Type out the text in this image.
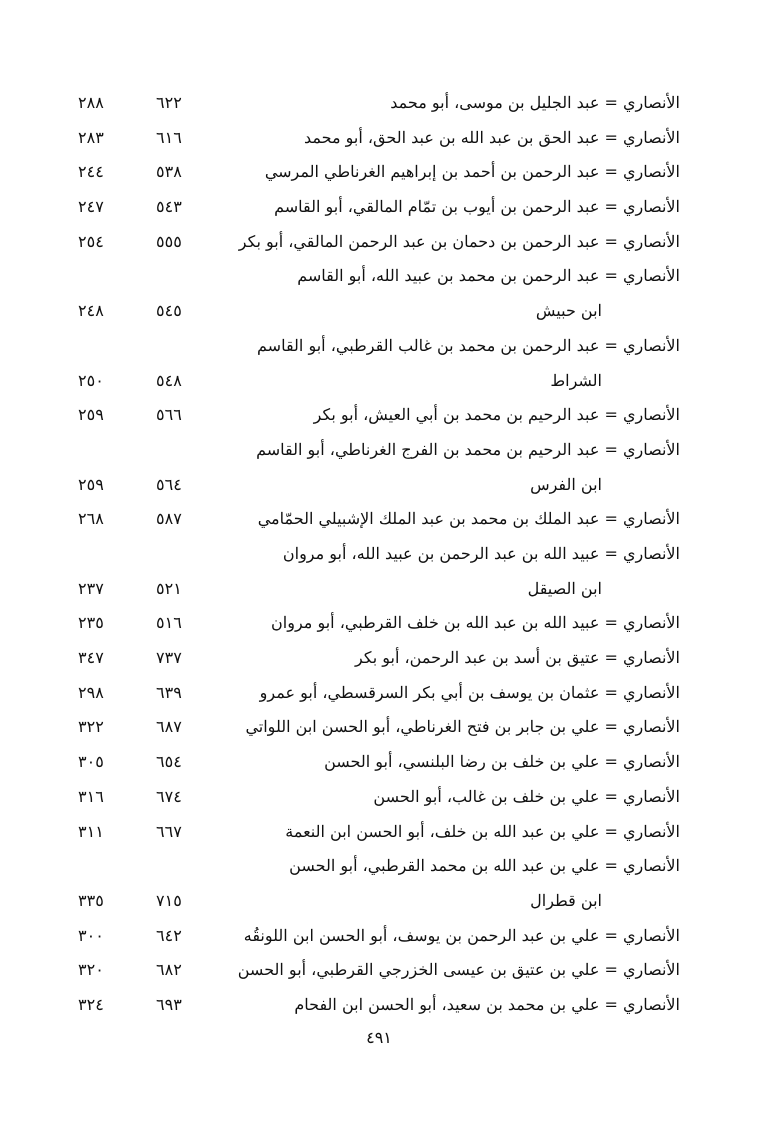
الأنصاري = عبد الجليل بن موسى، أبو محمد
٦٢٢
٢٨٨
الأنصاري = عبد الحق بن عبد الله بن عبد الحق، أبو محمد
٦١٦
٢٨٣
الأنصاري = عبد الرحمن بن أحمد بن إبراهيم الغرناطي المرسي
٥٣٨
٢٤٤
الأنصاري = عبد الرحمن بن أيوب بن تمّام المالقي، أبو القاسم
٥٤٣
٢٤٧
الأنصاري = عبد الرحمن بن دحمان بن عبد الرحمن المالقي، أبو بكر
٥٥٥
٢٥٤
الأنصاري = عبد الرحمن بن محمد بن عبيد الله، أبو القاسم
ابن حبيش
٥٤٥
٢٤٨
الأنصاري = عبد الرحمن بن محمد بن غالب القرطبي، أبو القاسم
الشراط
٥٤٨
٢٥٠
الأنصاري = عبد الرحيم بن محمد بن أبي العيش، أبو بكر
٥٦٦
٢٥٩
الأنصاري = عبد الرحيم بن محمد بن الفرج الغرناطي، أبو القاسم
ابن الفرس
٥٦٤
٢٥٩
الأنصاري = عبد الملك بن محمد بن عبد الملك الإشبيلي الحمّامي
٥٨٧
٢٦٨
الأنصاري = عبيد الله بن عبد الرحمن بن عبيد الله، أبو مروان
ابن الصيقل
٥٢١
٢٣٧
الأنصاري = عبيد الله بن عبد الله بن خلف القرطبي، أبو مروان
٥١٦
٢٣٥
الأنصاري = عتيق بن أسد بن عبد الرحمن، أبو بكر
٧٣٧
٣٤٧
الأنصاري = عثمان بن يوسف بن أبي بكر السرقسطي، أبو عمرو
٦٣٩
٢٩٨
الأنصاري = علي بن جابر بن فتح الغرناطي، أبو الحسن ابن اللواتي
٦٨٧
٣٢٢
الأنصاري = علي بن خلف بن رضا البلنسي، أبو الحسن
٦٥٤
٣٠٥
الأنصاري = علي بن خلف بن غالب، أبو الحسن
٦٧٤
٣١٦
الأنصاري = علي بن عبد الله بن خلف، أبو الحسن ابن النعمة
٦٦٧
٣١١
الأنصاري = علي بن عبد الله بن محمد القرطبي، أبو الحسن
ابن قطرال
٧١٥
٣٣٥
الأنصاري = علي بن عبد الرحمن بن يوسف، أبو الحسن ابن اللونقُه
٦٤٢
٣٠٠
الأنصاري = علي بن عتيق بن عيسى الخزرجي القرطبي، أبو الحسن
٦٨٢
٣٢٠
الأنصاري = علي بن محمد بن سعيد، أبو الحسن ابن الفحام
٦٩٣
٣٢٤
٤٩١
